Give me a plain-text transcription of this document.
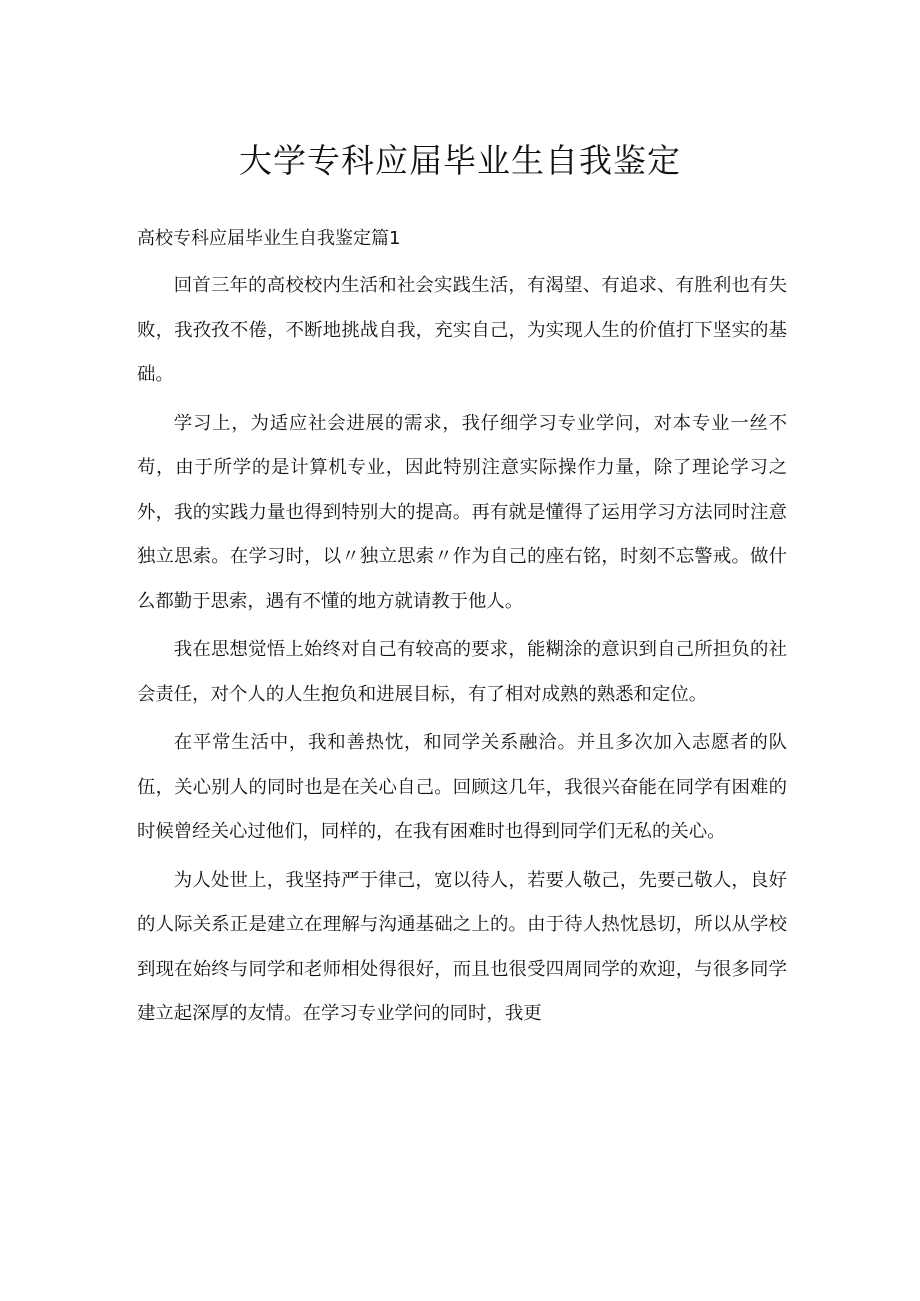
大学专科应届毕业生自我鉴定
高校专科应届毕业生自我鉴定篇1

回首三年的高校校内生活和社会实践生活，有渴望、有追求、有胜利也有失败，我孜孜不倦，不断地挑战自我，充实自己，为实现人生的价值打下坚实的基础。

学习上，为适应社会进展的需求，我仔细学习专业学问，对本专业一丝不苟，由于所学的是计算机专业，因此特别注意实际操作力量，除了理论学习之外，我的实践力量也得到特别大的提高。再有就是懂得了运用学习方法同时注意独立思索。在学习时，以〃独立思索〃作为自己的座右铭，时刻不忘警戒。做什么都勤于思索，遇有不懂的地方就请教于他人。

我在思想觉悟上始终对自己有较高的要求，能糊涂的意识到自己所担负的社会责任，对个人的人生抱负和进展目标，有了相对成熟的熟悉和定位。

在平常生活中，我和善热忱，和同学关系融洽。并且多次加入志愿者的队伍，关心别人的同时也是在关心自己。回顾这几年，我很兴奋能在同学有困难的时候曾经关心过他们，同样的，在我有困难时也得到同学们无私的关心。

为人处世上，我坚持严于律己，宽以待人，若要人敬己，先要己敬人，良好的人际关系正是建立在理解与沟通基础之上的。由于待人热忱恳切，所以从学校到现在始终与同学和老师相处得很好，而且也很受四周同学的欢迎，与很多同学建立起深厚的友情。在学习专业学问的同时，我更
